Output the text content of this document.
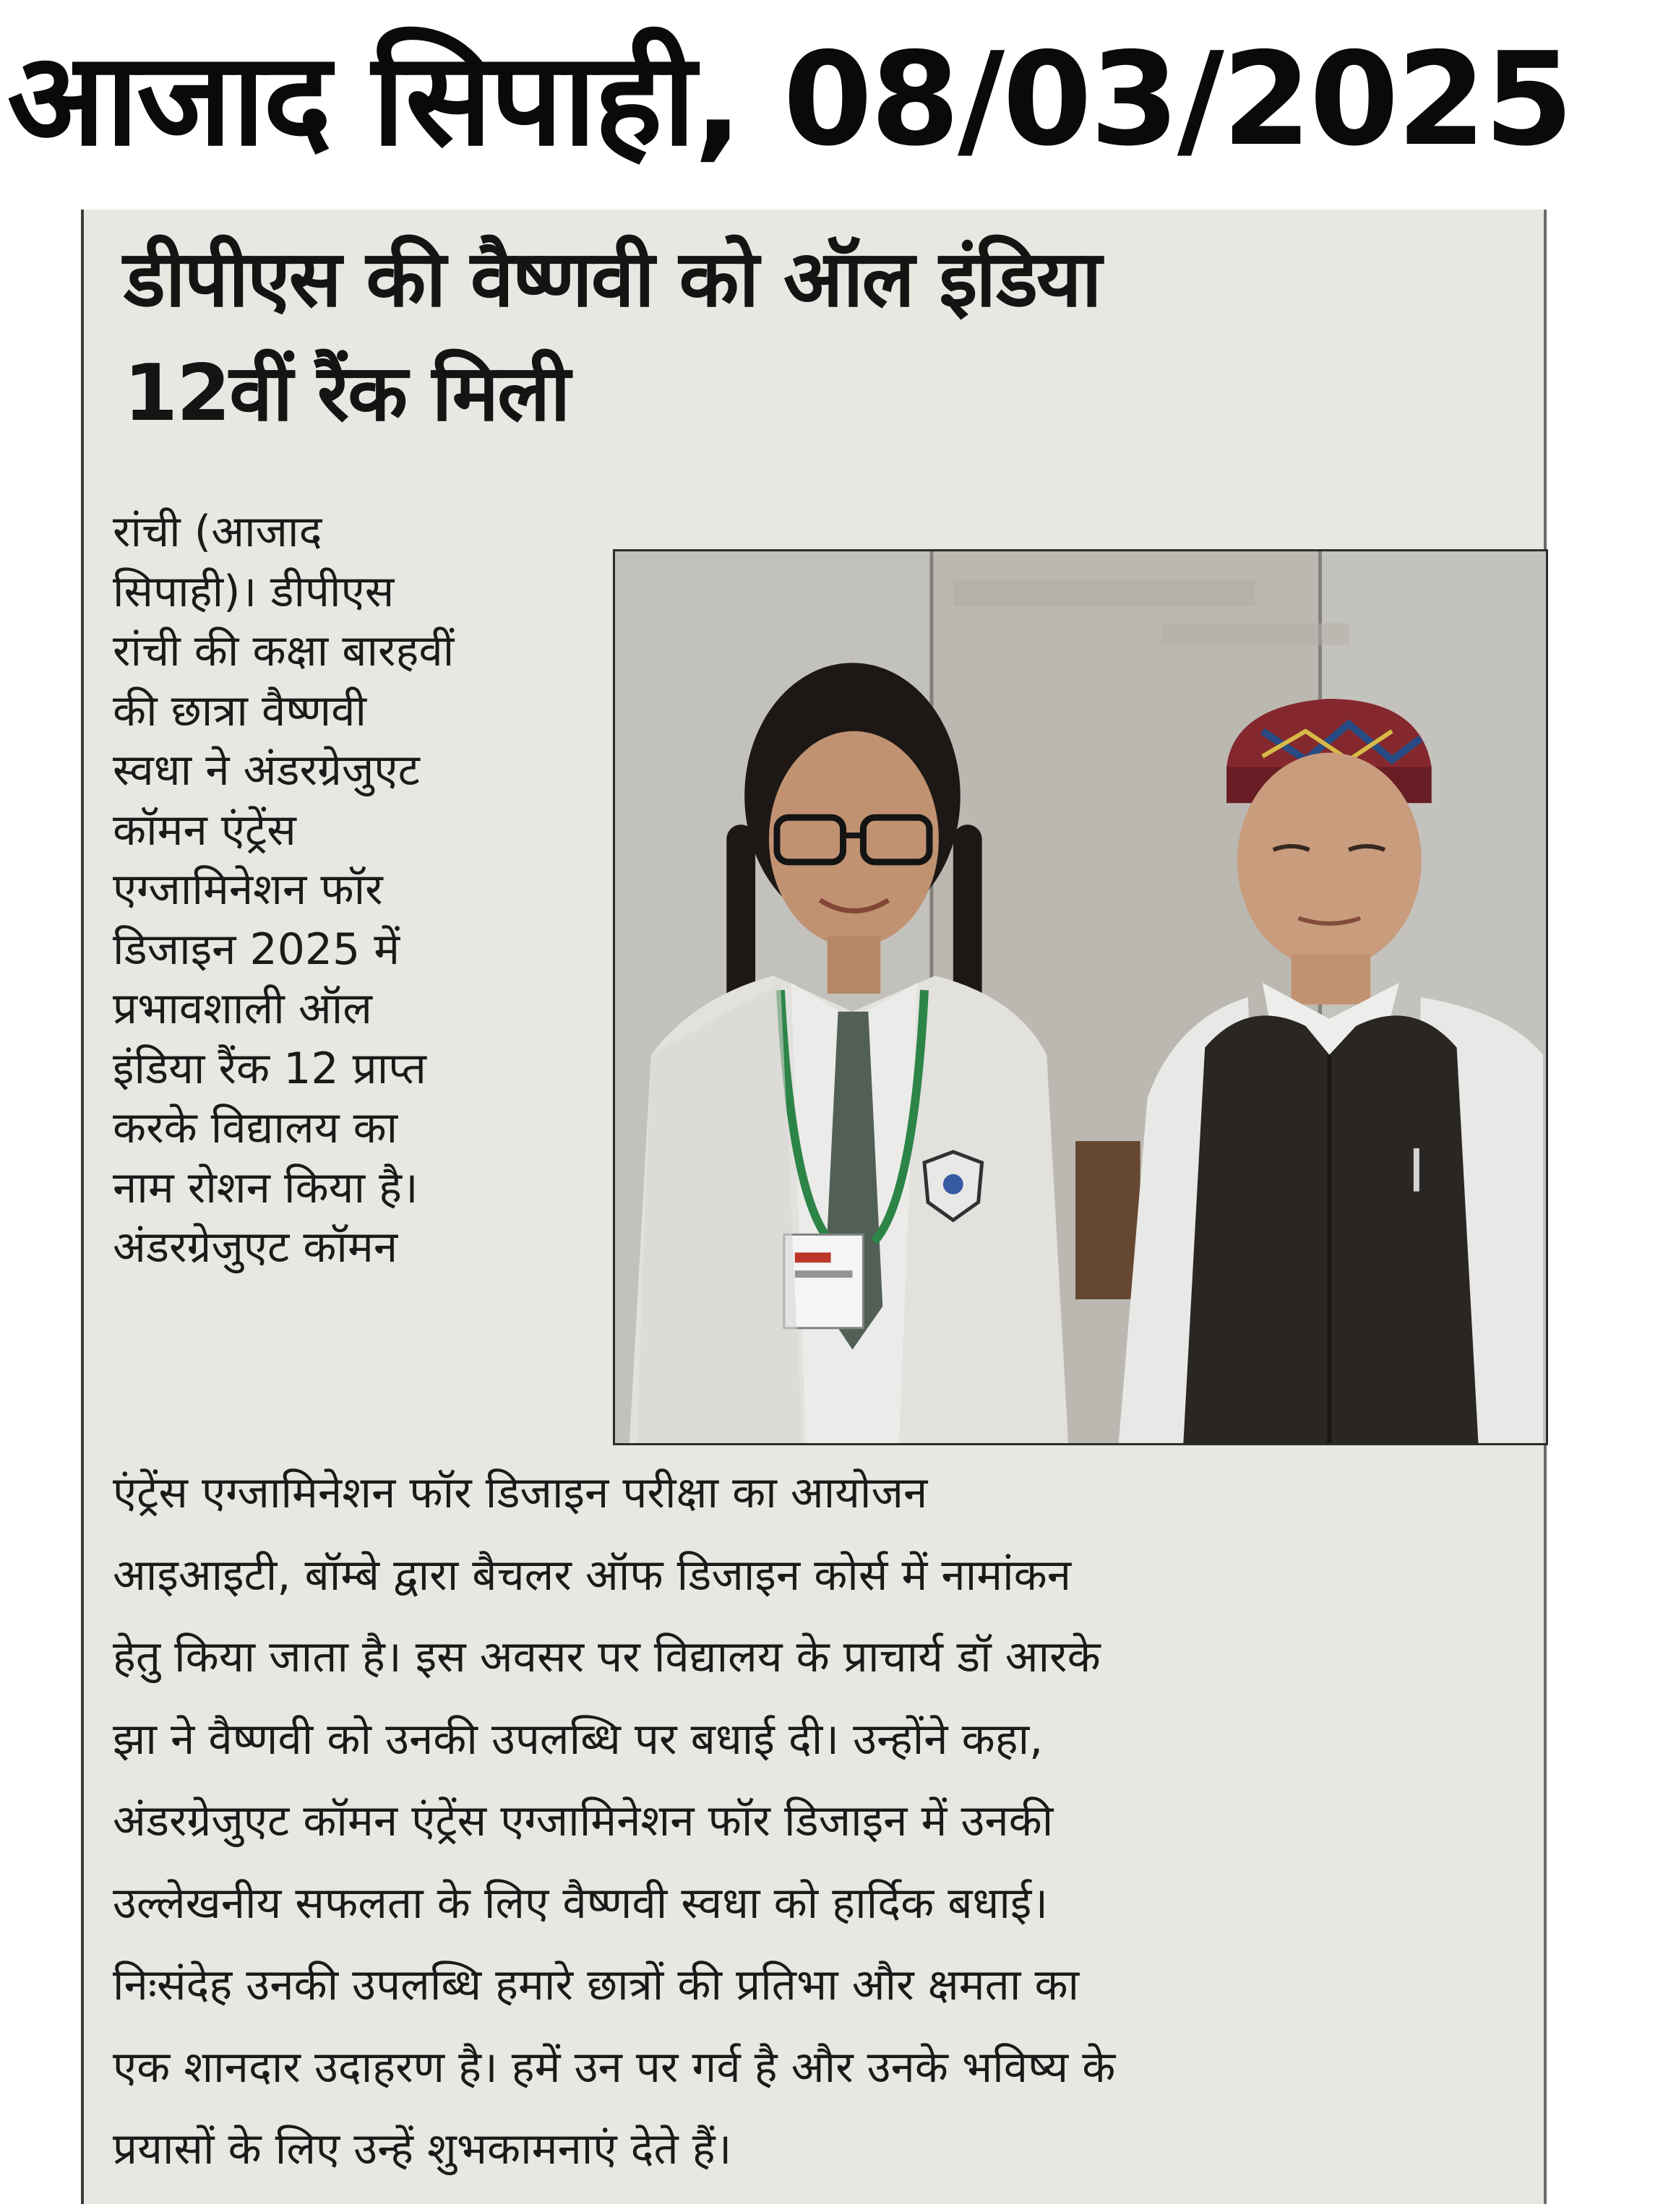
आजाद सिपाही, 08/03/2025
डीपीएस की वैष्णवी को ऑल इंडिया
12वीं रैंक मिली
रांची (आजाद
सिपाही)। डीपीएस
रांची की कक्षा बारहवीं
की छात्रा वैष्णवी
स्वधा ने अंडरग्रेजुएट
कॉमन एंट्रेंस
एग्जामिनेशन फॉर
डिजाइन 2025 में
प्रभावशाली ऑल
इंडिया रैंक 12 प्राप्त
करके विद्यालय का
नाम रोशन किया है।
अंडरग्रेजुएट कॉमन
एंट्रेंस एग्जामिनेशन फॉर डिजाइन परीक्षा का आयोजन
आइआइटी, बॉम्बे द्वारा बैचलर ऑफ डिजाइन कोर्स में नामांकन
हेतु किया जाता है। इस अवसर पर विद्यालय के प्राचार्य डॉ आरके
झा ने वैष्णवी को उनकी उपलब्धि पर बधाई दी। उन्होंने कहा,
अंडरग्रेजुएट कॉमन एंट्रेंस एग्जामिनेशन फॉर डिजाइन में उनकी
उल्लेखनीय सफलता के लिए वैष्णवी स्वधा को हार्दिक बधाई।
निःसंदेह उनकी उपलब्धि हमारे छात्रों की प्रतिभा और क्षमता का
एक शानदार उदाहरण है। हमें उन पर गर्व है और उनके भविष्य के
प्रयासों के लिए उन्हें शुभकामनाएं देते हैं।
